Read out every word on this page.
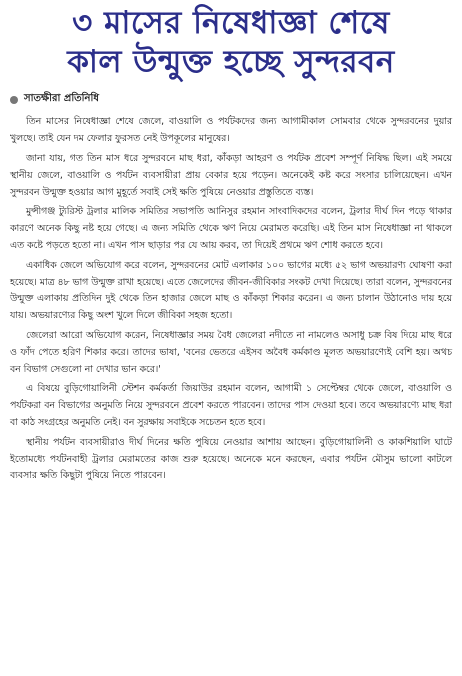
৩ মাসের নিষেধাজ্ঞা শেষে
কাল উন্মুক্ত হচ্ছে সুন্দরবন
সাতক্ষীরা প্রতিনিধি

তিন মাসের নিষেধাজ্ঞা শেষে জেলে, বাওয়ালি ও পর্যটকদের জন্য আগামীকাল সোমবার থেকে সুন্দরবনের দুয়ার খুলছে। তাই যেন দম ফেলার ফুরসত নেই উপকূলের মানুষের।

জানা যায়, গত তিন মাস ধরে সুন্দরবনে মাছ ধরা, কাঁকড়া আহরণ ও পর্যটক প্রবেশ সম্পূর্ণ নিষিদ্ধ ছিল। এই সময়ে স্থানীয় জেলে, বাওয়ালি ও পর্যটন ব্যবসায়ীরা প্রায় বেকার হয়ে পড়েন। অনেকেই কষ্ট করে সংসার চালিয়েছেন। এখন সুন্দরবন উন্মুক্ত হওয়ার আগ মুহূর্তে সবাই সেই ক্ষতি পুষিয়ে নেওয়ার প্রস্তুতিতে ব্যস্ত।

মুন্সীগঞ্জ ট্যুরিস্ট ট্রলার মালিক সমিতির সভাপতি আনিসুর রহমান সাংবাদিকদের বলেন, ট্রলার দীর্ঘ দিন পড়ে থাকার কারণে অনেক কিছু নষ্ট হয়ে গেছে। এ জন্য সমিতি থেকে ঋণ নিয়ে মেরামত করেছি। এই তিন মাস নিষেধাজ্ঞা না থাকলে এত কষ্টে পড়তে হতো না। এখন পাস ছাড়ার পর যে আয় করব, তা দিয়েই প্রথমে ঋণ শোধ করতে হবে।

একাধিক জেলে অভিযোগ করে বলেন, সুন্দরবনের মোট এলাকার ১০০ ভাগের মধ্যে ৫২ ভাগ অভয়ারণ্য ঘোষণা করা হয়েছে। মাত্র ৪৮ ভাগ উন্মুক্ত রাখা হয়েছে। এতে জেলেদের জীবন-জীবিকার সংকট দেখা দিয়েছে। তারা বলেন, সুন্দরবনের উন্মুক্ত এলাকায় প্রতিদিন দুই থেকে তিন হাজার জেলে মাছ ও কাঁকড়া শিকার করেন। এ জন্য চালান উঠানোও দায় হয়ে যায়। অভয়ারণ্যের কিছু অংশ খুলে দিলে জীবিকা সহজ হতো।

জেলেরা আরো অভিযোগ করেন, নিষেধাজ্ঞার সময় বৈধ জেলেরা নদীতে না নামলেও অসাধু চক্র বিষ দিয়ে মাছ ধরে ও ফাঁদ পেতে হরিণ শিকার করে। তাদের ভাষা, 'বনের ভেতরে এইসব অবৈধ কর্মকাণ্ড মূলত অভয়ারণ্যেই বেশি হয়। অথচ বন বিভাগ সেগুলো না দেখার ভান করে।'

এ বিষয়ে বুড়িগোয়ালিনী স্টেশন কর্মকর্তা জিয়াউর রহমান বলেন, আগামী ১ সেপ্টেম্বর থেকে জেলে, বাওয়ালি ও পর্যটকরা বন বিভাগের অনুমতি নিয়ে সুন্দরবনে প্রবেশ করতে পারবেন। তাদের পাস দেওয়া হবে। তবে অভয়ারণ্যে মাছ ধরা বা কাঠ সংগ্রহের অনুমতি নেই। বন সুরক্ষায় সবাইকে সচেতন হতে হবে।

স্থানীয় পর্যটন ব্যবসায়ীরাও দীর্ঘ দিনের ক্ষতি পুষিয়ে নেওয়ার আশায় আছেন। বুড়িগোয়ালিনী ও কাকশিয়ালি ঘাটে ইতোমধ্যে পর্যটনবাহী ট্রলার মেরামতের কাজ শুরু হয়েছে। অনেকে মনে করছেন, এবার পর্যটন মৌসুম ভালো কাটলে ব্যবসার ক্ষতি কিছুটা পুষিয়ে নিতে পারবেন।
